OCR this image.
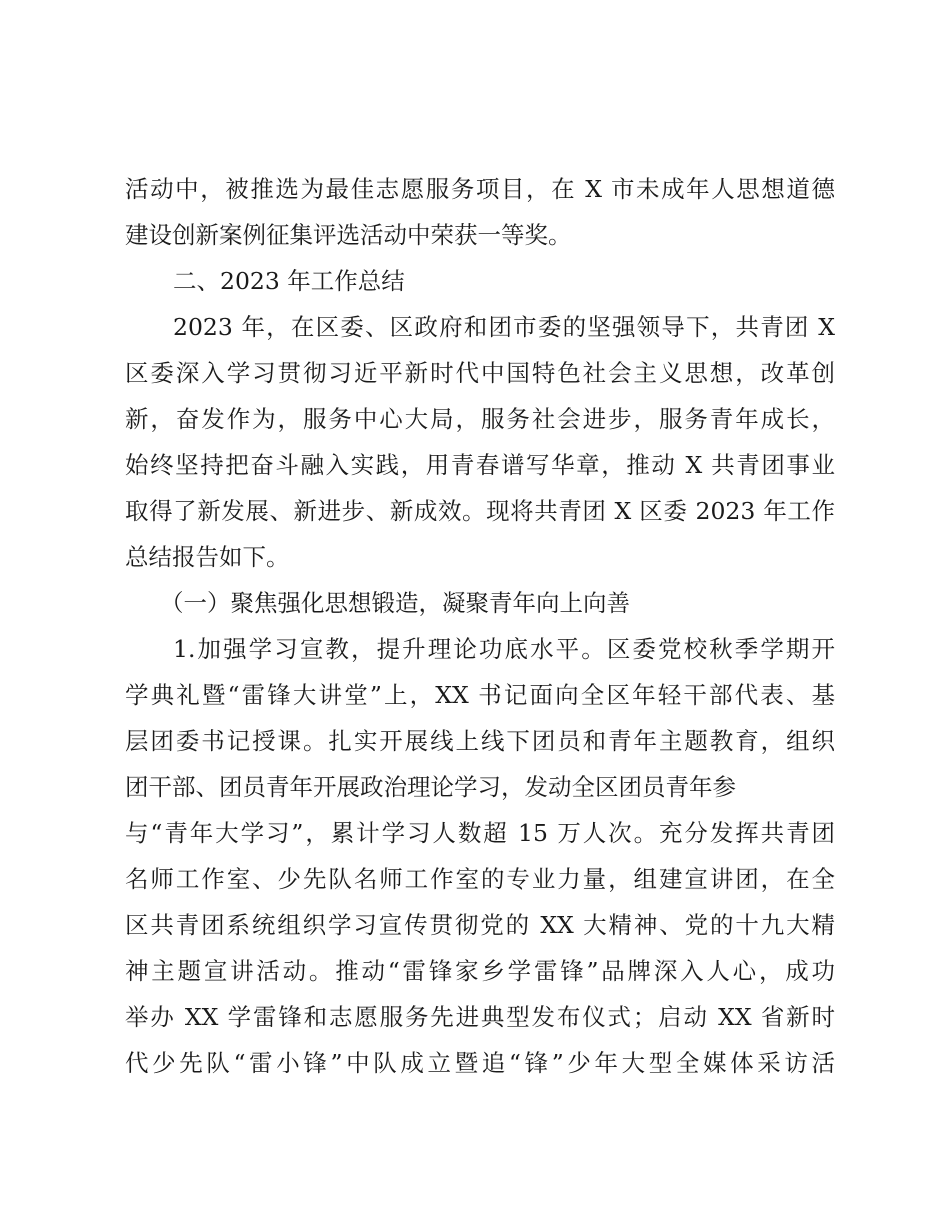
活动中，被推选为最佳志愿服务项目，在 X 市未成年人思想道德
建设创新案例征集评选活动中荣获一等奖。
二、2023 年工作总结
2023 年，在区委、区政府和团市委的坚强领导下，共青团 X
区委深入学习贯彻习近平新时代中国特色社会主义思想，改革创
新，奋发作为，服务中心大局，服务社会进步，服务青年成长，
始终坚持把奋斗融入实践，用青春谱写华章，推动 X 共青团事业
取得了新发展、新进步、新成效。现将共青团 X 区委 2023 年工作
总结报告如下。
（一）聚焦强化思想锻造，凝聚青年向上向善
1.加强学习宣教，提升理论功底水平。区委党校秋季学期开
学典礼暨“雷锋大讲堂”上，XX 书记面向全区年轻干部代表、基
层团委书记授课。扎实开展线上线下团员和青年主题教育，组织
团干部、团员青年开展政治理论学习，发动全区团员青年参
与“青年大学习”，累计学习人数超 15 万人次。充分发挥共青团
名师工作室、少先队名师工作室的专业力量，组建宣讲团，在全
区共青团系统组织学习宣传贯彻党的 XX 大精神、党的十九大精
神主题宣讲活动。推动“雷锋家乡学雷锋”品牌深入人心，成功
举办 XX 学雷锋和志愿服务先进典型发布仪式；启动 XX 省新时
代少先队“雷小锋”中队成立暨追“锋”少年大型全媒体采访活
